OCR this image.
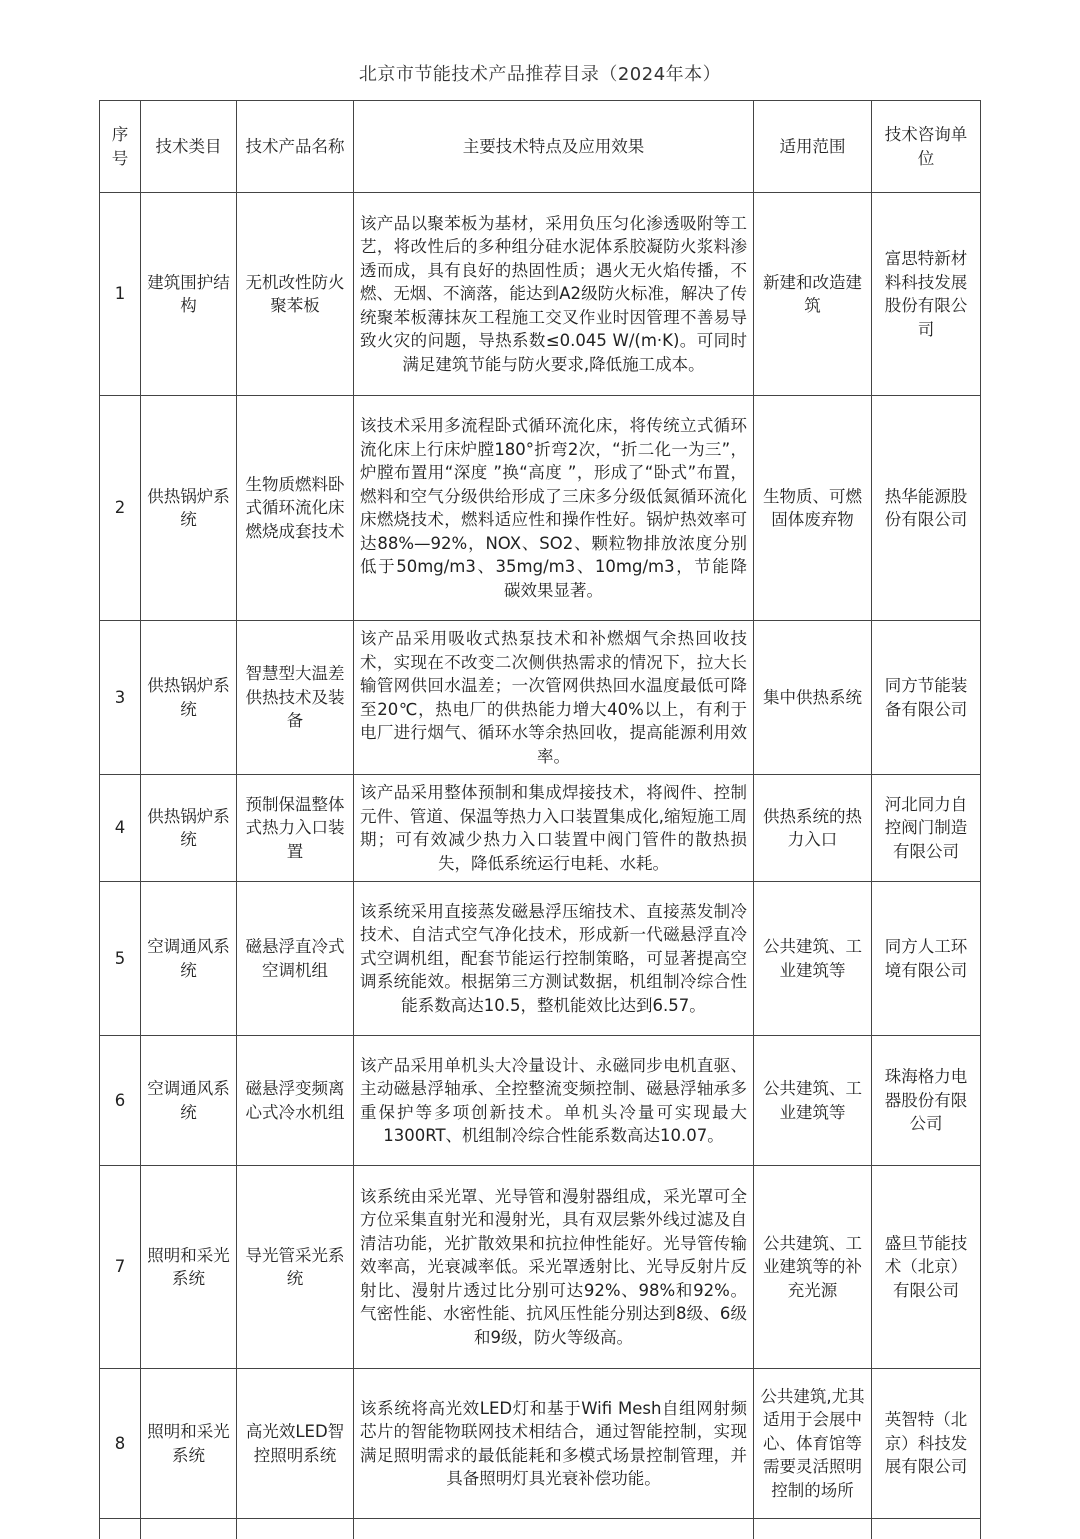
北京市节能技术产品推荐目录（2024年本）
序号	技术类目	技术产品名称	主要技术特点及应用效果	适用范围	技术咨询单位
1	建筑围护结构	无机改性防火聚苯板	该产品以聚苯板为基材，采用负压匀化渗透吸附等工艺，将改性后的多种组分硅水泥体系胶凝防火浆料渗透而成，具有良好的热固性质；遇火无火焰传播，不燃、无烟、不滴落，能达到A2级防火标准，解决了传统聚苯板薄抹灰工程施工交叉作业时因管理不善易导致火灾的问题，导热系数≤0.045 W/(m·K)。可同时满足建筑节能与防火要求,降低施工成本。	新建和改造建筑	富思特新材料科技发展股份有限公司
2	供热锅炉系统	生物质燃料卧式循环流化床燃烧成套技术	该技术采用多流程卧式循环流化床，将传统立式循环流化床上行床炉膛180°折弯2次，“折二化一为三”，炉膛布置用“深度 ”换“高度 ”，形成了“卧式”布置，燃料和空气分级供给形成了三床多分级低氮循环流化床燃烧技术，燃料适应性和操作性好。锅炉热效率可达88%—92%，NOX、SO2、颗粒物排放浓度分别低于50mg/m3、35mg/m3、10mg/m3，节能降碳效果显著。	生物质、可燃固体废弃物	热华能源股份有限公司
3	供热锅炉系统	智慧型大温差供热技术及装备	该产品采用吸收式热泵技术和补燃烟气余热回收技术，实现在不改变二次侧供热需求的情况下，拉大长输管网供回水温差；一次管网供热回水温度最低可降至20℃，热电厂的供热能力增大40%以上，有利于电厂进行烟气、循环水等余热回收，提高能源利用效率。	集中供热系统	同方节能装备有限公司
4	供热锅炉系统	预制保温整体式热力入口装置	该产品采用整体预制和集成焊接技术，将阀件、控制元件、管道、保温等热力入口装置集成化,缩短施工周期；可有效减少热力入口装置中阀门管件的散热损失，降低系统运行电耗、水耗。	供热系统的热力入口	河北同力自控阀门制造有限公司
5	空调通风系统	磁悬浮直冷式空调机组	该系统采用直接蒸发磁悬浮压缩技术、直接蒸发制冷技术、自洁式空气净化技术，形成新一代磁悬浮直冷式空调机组，配套节能运行控制策略，可显著提高空调系统能效。根据第三方测试数据，机组制冷综合性能系数高达10.5，整机能效比达到6.57。	公共建筑、工业建筑等	同方人工环境有限公司
6	空调通风系统	磁悬浮变频离心式冷水机组	该产品采用单机头大冷量设计、永磁同步电机直驱、主动磁悬浮轴承、全控整流变频控制、磁悬浮轴承多重保护等多项创新技术。单机头冷量可实现最大1300RT、机组制冷综合性能系数高达10.07。	公共建筑、工业建筑等	珠海格力电器股份有限公司
7	照明和采光系统	导光管采光系统	该系统由采光罩、光导管和漫射器组成，采光罩可全方位采集直射光和漫射光，具有双层紫外线过滤及自清洁功能，光扩散效果和抗拉伸性能好。光导管传输效率高，光衰减率低。采光罩透射比、光导反射片反射比、漫射片透过比分别可达92%、98%和92%。气密性能、水密性能、抗风压性能分别达到8级、6级和9级，防火等级高。	公共建筑、工业建筑等的补充光源	盛旦节能技术（北京）有限公司
8	照明和采光系统	高光效LED智控照明系统	该系统将高光效LED灯和基于Wifi Mesh自组网射频芯片的智能物联网技术相结合，通过智能控制，实现满足照明需求的最低能耗和多模式场景控制管理，并具备照明灯具光衰补偿功能。	公共建筑,尤其适用于会展中心、体育馆等需要灵活照明控制的场所	英智特（北京）科技发展有限公司
